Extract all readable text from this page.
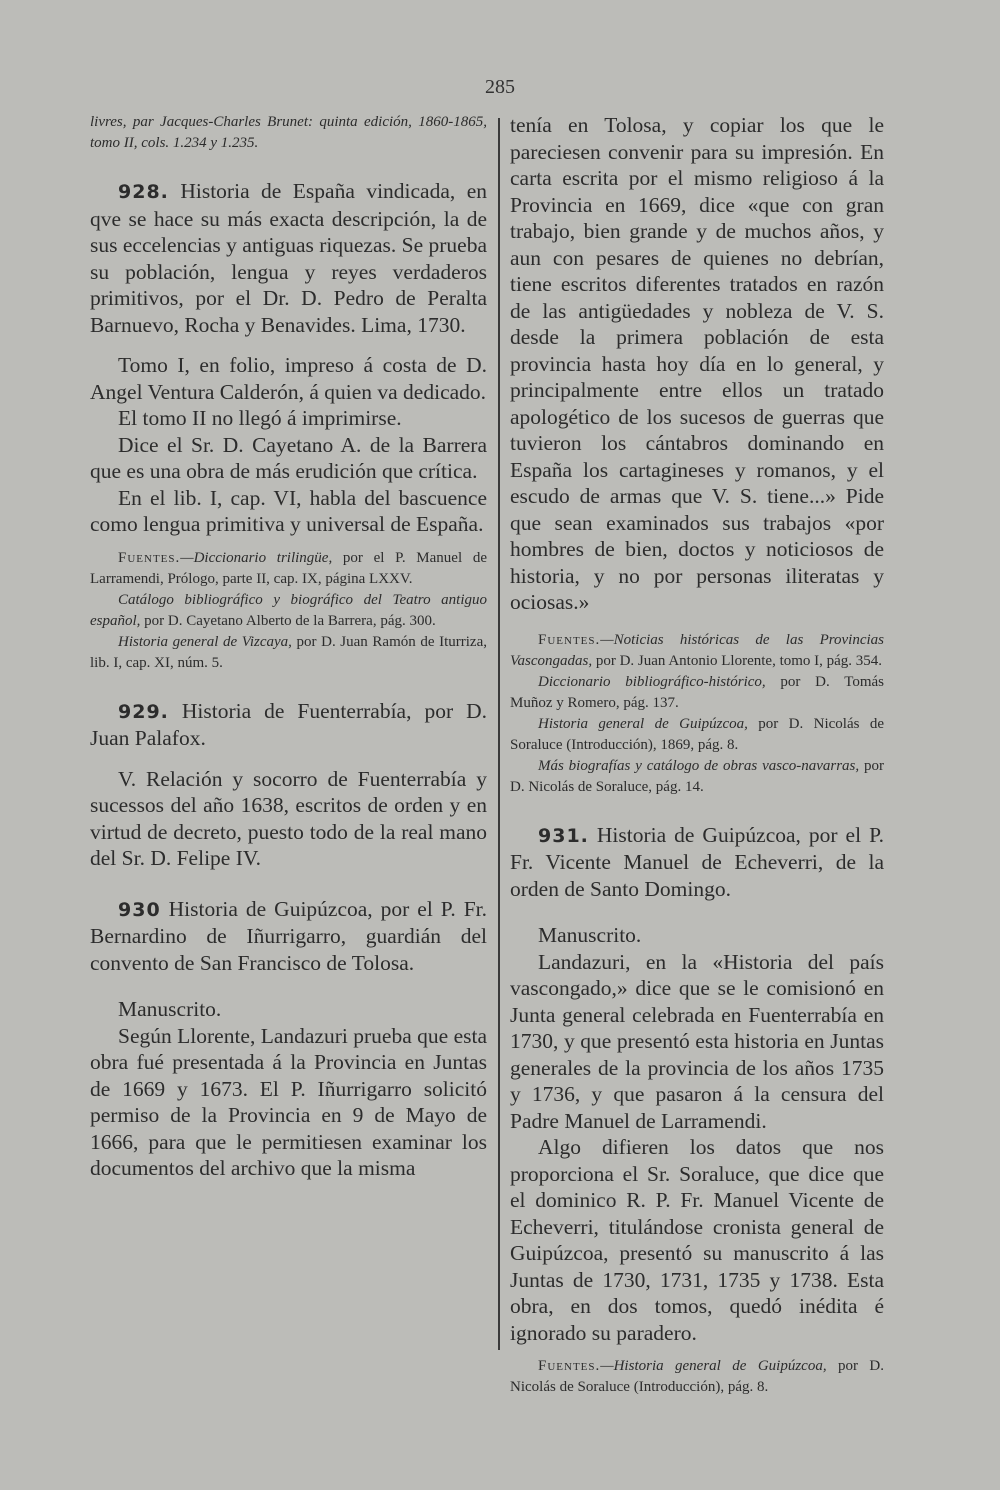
285

livres, par Jacques-Charles Brunet: quinta edición, 1860-1865, tomo II, cols. 1.234 y 1.235.

928. Historia de España vindicada, en qve se hace su más exacta descripción, la de sus eccelencias y antiguas riquezas. Se prueba su población, lengua y reyes verdaderos primitivos, por el Dr. D. Pedro de Peralta Barnuevo, Rocha y Benavides. Lima, 1730.

Tomo I, en folio, impreso á costa de D. Angel Ventura Calderón, á quien va dedicado.

El tomo II no llegó á imprimirse.

Dice el Sr. D. Cayetano A. de la Barrera que es una obra de más erudición que crítica.

En el lib. I, cap. VI, habla del bascuence como lengua primitiva y universal de España.

Fuentes.—Diccionario trilingüe, por el P. Manuel de Larramendi, Prólogo, parte II, cap. IX, página LXXV.

Catálogo bibliográfico y biográfico del Teatro antiguo español, por D. Cayetano Alberto de la Barrera, pág. 300.

Historia general de Vizcaya, por D. Juan Ramón de Iturriza, lib. I, cap. XI, núm. 5.

929. Historia de Fuenterrabía, por D. Juan Palafox.

V. Relación y socorro de Fuenterrabía y sucessos del año 1638, escritos de orden y en virtud de decreto, puesto todo de la real mano del Sr. D. Felipe IV.

930 Historia de Guipúzcoa, por el P. Fr. Bernardino de Iñurrigarro, guardián del convento de San Francisco de Tolosa.

Manuscrito.

Según Llorente, Landazuri prueba que esta obra fué presentada á la Provincia en Juntas de 1669 y 1673. El P. Iñurrigarro solicitó permiso de la Provincia en 9 de Mayo de 1666, para que le permitiesen examinar los documentos del archivo que la misma

tenía en Tolosa, y copiar los que le pareciesen convenir para su impresión. En carta escrita por el mismo religioso á la Provincia en 1669, dice «que con gran trabajo, bien grande y de muchos años, y aun con pesares de quienes no debrían, tiene escritos diferentes tratados en razón de las antigüedades y nobleza de V. S. desde la primera población de esta provincia hasta hoy día en lo general, y principalmente entre ellos un tratado apologético de los sucesos de guerras que tuvieron los cántabros dominando en España los cartagineses y romanos, y el escudo de armas que V. S. tiene...» Pide que sean examinados sus trabajos «por hombres de bien, doctos y noticiosos de historia, y no por personas iliteratas y ociosas.»

Fuentes.—Noticias históricas de las Provincias Vascongadas, por D. Juan Antonio Llorente, tomo I, pág. 354.

Diccionario bibliográfico-histórico, por D. Tomás Muñoz y Romero, pág. 137.

Historia general de Guipúzcoa, por D. Nicolás de Soraluce (Introducción), 1869, pág. 8.

Más biografías y catálogo de obras vasco-navarras, por D. Nicolás de Soraluce, pág. 14.

931. Historia de Guipúzcoa, por el P. Fr. Vicente Manuel de Echeverri, de la orden de Santo Domingo.

Manuscrito.

Landazuri, en la «Historia del país vascongado,» dice que se le comisionó en Junta general celebrada en Fuenterrabía en 1730, y que presentó esta historia en Juntas generales de la provincia de los años 1735 y 1736, y que pasaron á la censura del Padre Manuel de Larramendi.

Algo difieren los datos que nos proporciona el Sr. Soraluce, que dice que el dominico R. P. Fr. Manuel Vicente de Echeverri, titulándose cronista general de Guipúzcoa, presentó su manuscrito á las Juntas de 1730, 1731, 1735 y 1738. Esta obra, en dos tomos, quedó inédita é ignorado su paradero.

Fuentes.—Historia general de Guipúzcoa, por D. Nicolás de Soraluce (Introducción), pág. 8.
